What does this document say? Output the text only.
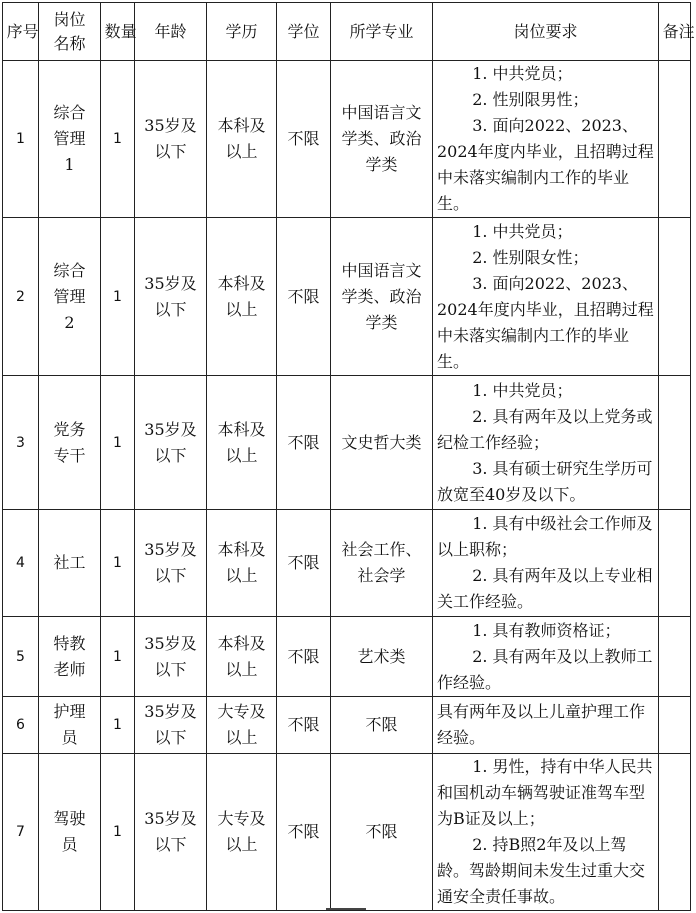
序号	岗位名称	数量	年龄	学历	学位	所学专业	岗位要求	备注

1	综合管理1	1	35岁及以下	本科及以上	不限	中国语言文学类、政治学类	1. 中共党员；

2. 性别限男性；

3. 面向2022、2023、2024年度内毕业，且招聘过程中未落实编制内工作的毕业生。	

2	综合管理2	1	35岁及以下	本科及以上	不限	中国语言文学类、政治学类	1. 中共党员；

2. 性别限女性；

3. 面向2022、2023、2024年度内毕业，且招聘过程中未落实编制内工作的毕业生。	

3	党务专干	1	35岁及以下	本科及以上	不限	文史哲大类	1. 中共党员；

2. 具有两年及以上党务或纪检工作经验；

3. 具有硕士研究生学历可放宽至40岁及以下。	

4	社工	1	35岁及以下	本科及以上	不限	社会工作、社会学	1. 具有中级社会工作师及以上职称；

2. 具有两年及以上专业相关工作经验。	

5	特教老师	1	35岁及以下	本科及以上	不限	艺术类	1. 具有教师资格证；

2. 具有两年及以上教师工作经验。	

6	护理员	1	35岁及以下	大专及以上	不限	不限	具有两年及以上儿童护理工作经验。	

7	驾驶员	1	35岁及以下	大专及以上	不限	不限	1. 男性，持有中华人民共和国机动车辆驾驶证准驾车型为B证及以上；

2. 持B照2年及以上驾龄。驾龄期间未发生过重大交通安全责任事故。	
